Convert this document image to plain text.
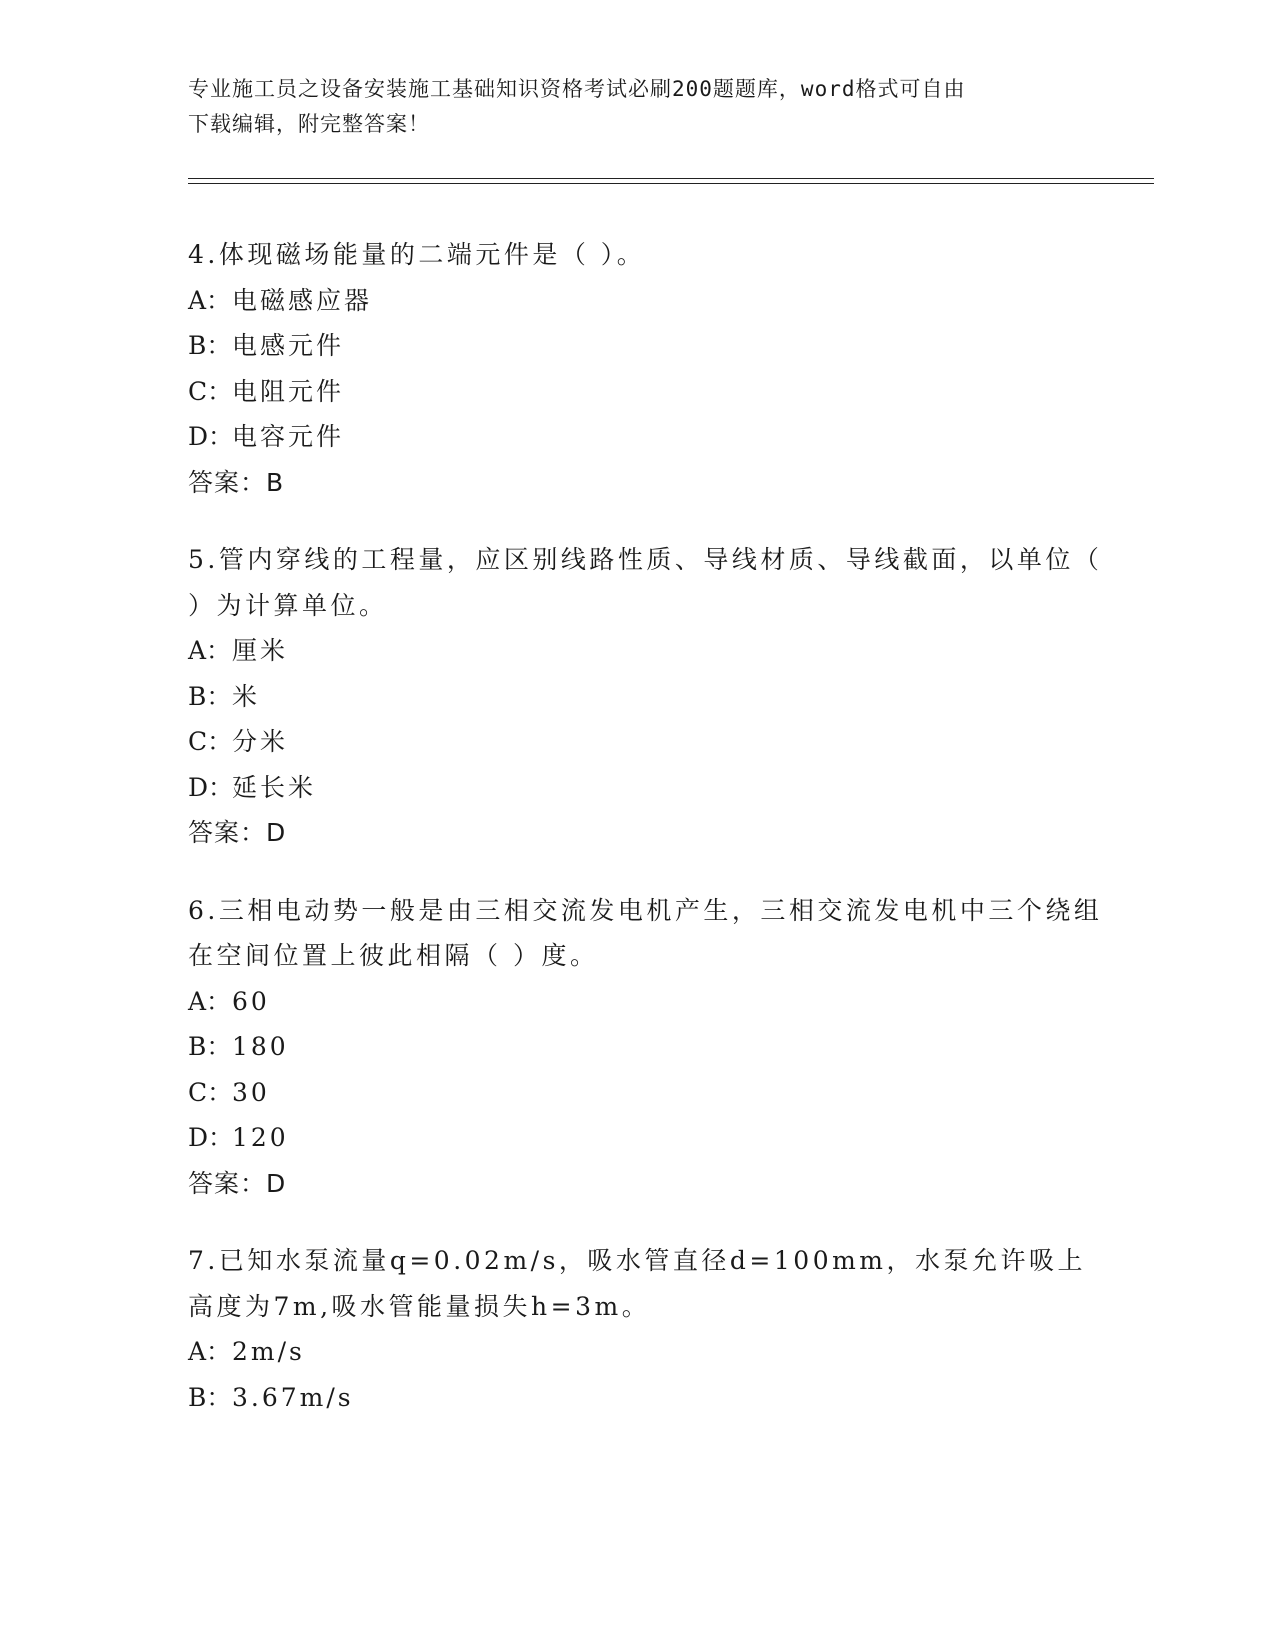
专业施工员之设备安装施工基础知识资格考试必刷200题题库，word格式可自由
下载编辑，附完整答案！

4.体现磁场能量的二端元件是（ ）。

A：电磁感应器

B：电感元件

C：电阻元件

D：电容元件

答案：B

5.管内穿线的工程量，应区别线路性质、导线材质、导线截面，以单位（ ）为计算单位。

A：厘米

B：米

C：分米

D：延长米

答案：D

6.三相电动势一般是由三相交流发电机产生，三相交流发电机中三个绕组在空间位置上彼此相隔（ ）度。

A：60

B：180

C：30

D：120

答案：D

7.已知水泵流量q=0.02m/s，吸水管直径d=100mm，水泵允许吸上高度为7m,吸水管能量损失h=3m。

A：2m/s

B：3.67m/s
